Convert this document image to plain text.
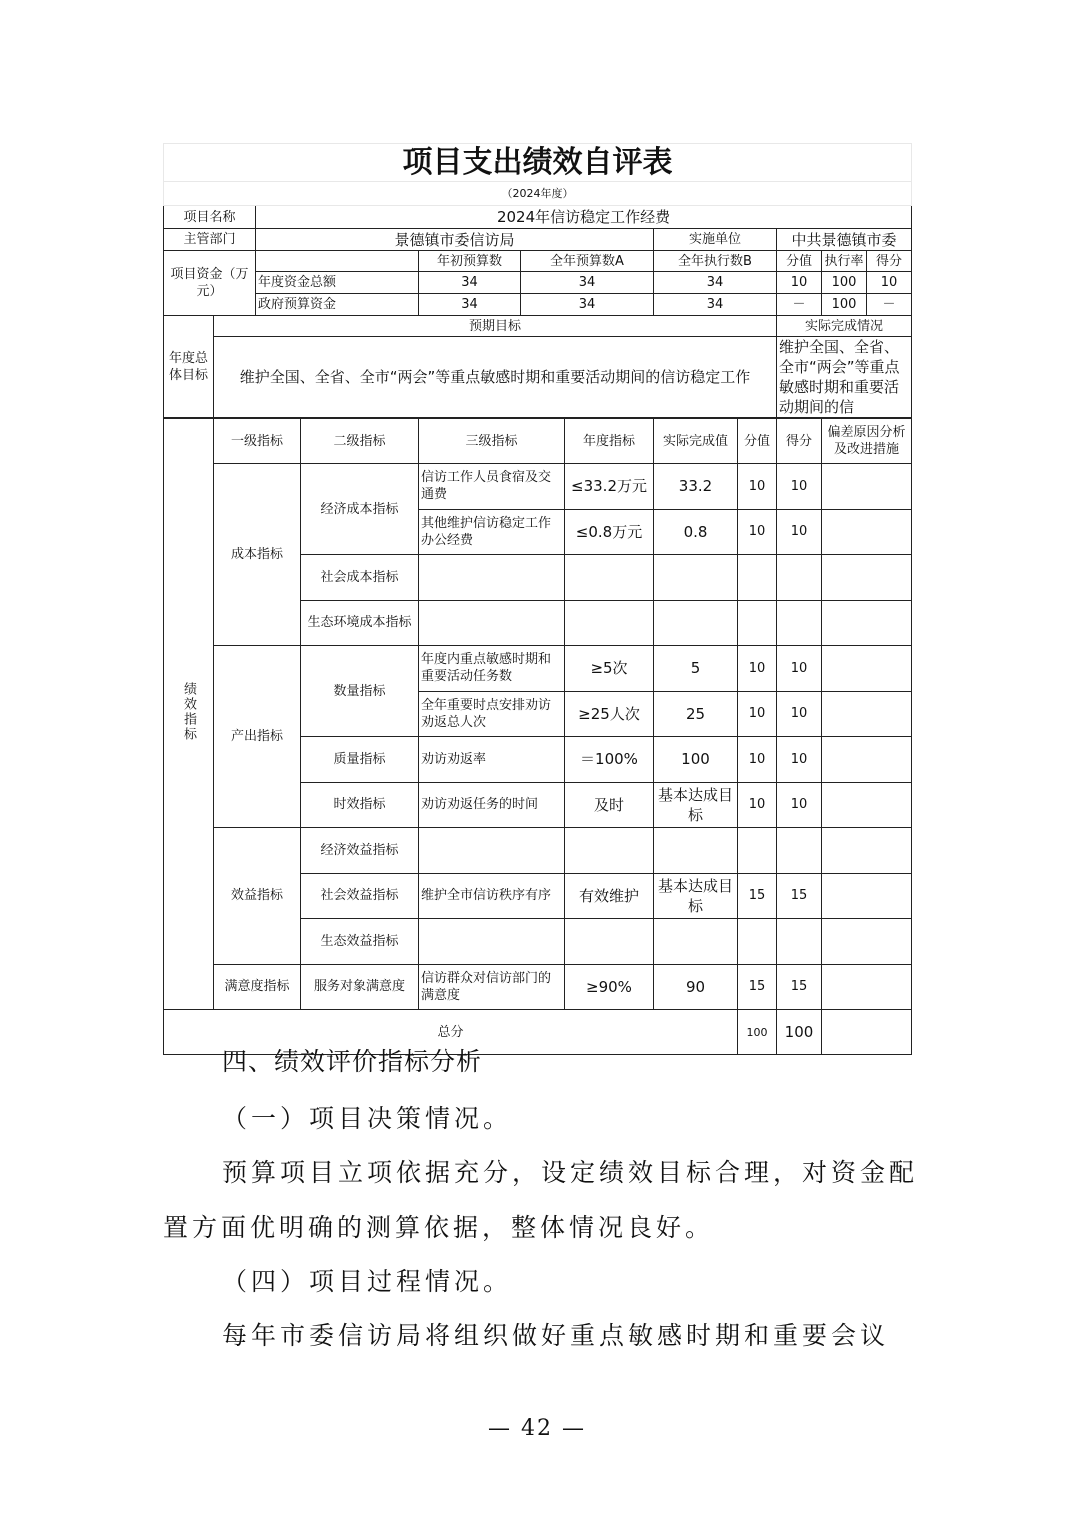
项目支出绩效自评表								
（2024年度）								
项目名称		2024年信访稳定工作经费						
主管部门		景德镇市委信访局			实施单位	中共景德镇市委		
项目资金（万元）			年初预算数	全年预算数A	全年执行数B	分值	执行率	得分
		年度资金总额	34	34	34	10	100	10
		政府预算资金	34	34	34	－	100	－
年度总体目标	预期目标					实际完成情况		
	维护全国、全省、全市“两会”等重点敏感时期和重要活动期间的信访稳定工作					维护全国、全省、全市“两会”等重点敏感时期和重要活动期间的信		
绩效指标	一级指标	二级指标	三级指标	年度指标	实际完成值	分值	得分	偏差原因分析及改进措施
	成本指标	经济成本指标	信访工作人员食宿及交通费	≤33.2万元	33.2	10	10	
			其他维护信访稳定工作办公经费	≤0.8万元	0.8	10	10	
		社会成本指标						
		生态环境成本指标						
	产出指标	数量指标	年度内重点敏感时期和重要活动任务数	≥5次	5	10	10	
			全年重要时点安排劝访劝返总人次	≥25人次	25	10	10	
		质量指标	劝访劝返率	＝100%	100	10	10	
		时效指标	劝访劝返任务的时间	及时	基本达成目标	10	10	
	效益指标	经济效益指标						
		社会效益指标	维护全市信访秩序有序	有效维护	基本达成目标	15	15	
		生态效益指标						
	满意度指标	服务对象满意度	信访群众对信访部门的满意度	≥90%	90	15	15	
总分						100	100	
四、绩效评价指标分析
（一）项目决策情况。
预算项目立项依据充分，设定绩效目标合理，对资金配
置方面优明确的测算依据，整体情况良好。
（四）项目过程情况。
每年市委信访局将组织做好重点敏感时期和重要会议
— 42 —
